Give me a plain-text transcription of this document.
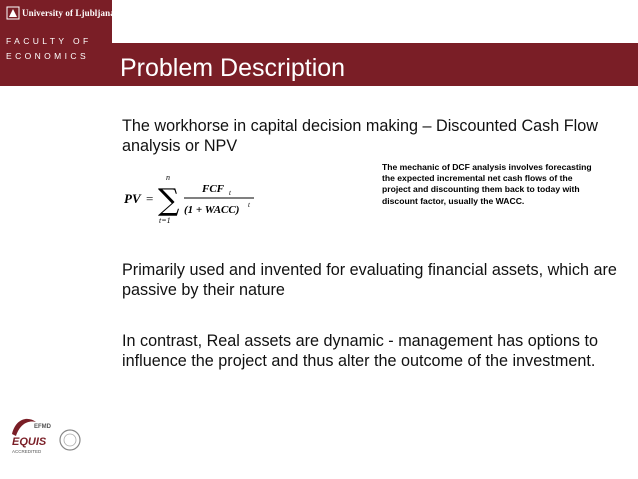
University of Ljubljana
FACULTY OF
ECONOMICS Problem Description
The workhorse in capital decision making – Discounted Cash Flow analysis or NPV
PV =
n
∑
t=1
FCF t
(1 + WACC) t
The mechanic of DCF analysis involves forecasting the expected incremental net cash flows of the project and discounting them back to today with discount factor, usually the WACC.
Primarily used and invented for evaluating financial assets, which are passive by their nature
In contrast, Real assets are dynamic - management has options to influence the project and thus alter the outcome of the investment.
EFMD
EQUIS
ACCREDITED
